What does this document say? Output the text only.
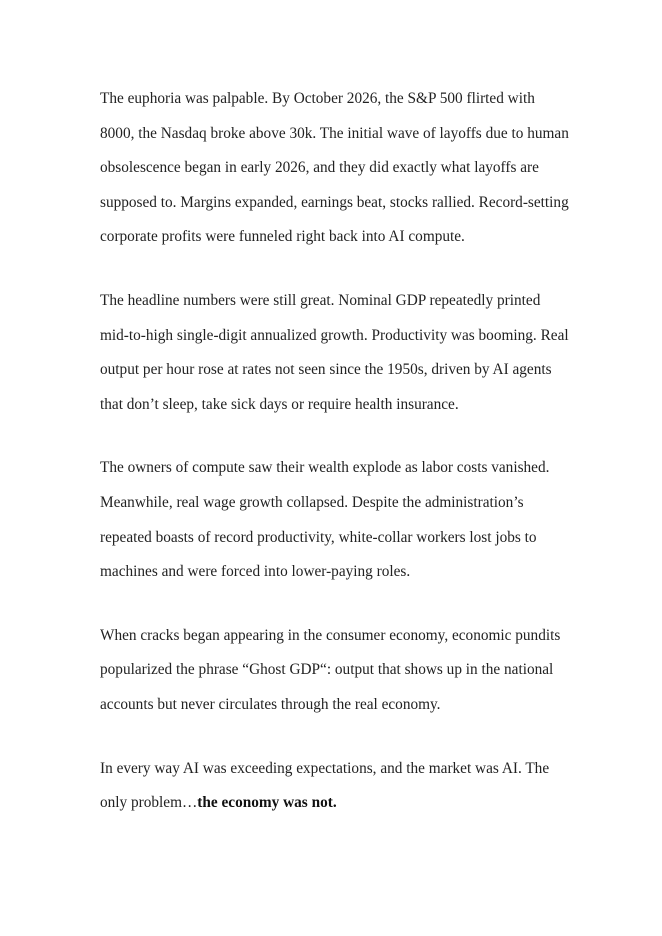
The euphoria was palpable. By October 2026, the S&P 500 flirted with 8000, the Nasdaq broke above 30k. The initial wave of layoffs due to human obsolescence began in early 2026, and they did exactly what layoffs are supposed to. Margins expanded, earnings beat, stocks rallied. Record-setting corporate profits were funneled right back into AI compute.

The headline numbers were still great. Nominal GDP repeatedly printed mid-to-high single-digit annualized growth. Productivity was booming. Real output per hour rose at rates not seen since the 1950s, driven by AI agents that don’t sleep, take sick days or require health insurance.

The owners of compute saw their wealth explode as labor costs vanished. Meanwhile, real wage growth collapsed. Despite the administration’s repeated boasts of record productivity, white-collar workers lost jobs to machines and were forced into lower-paying roles.

When cracks began appearing in the consumer economy, economic pundits popularized the phrase “Ghost GDP“: output that shows up in the national accounts but never circulates through the real economy.

In every way AI was exceeding expectations, and the market was AI. The only problem…the economy was not.
